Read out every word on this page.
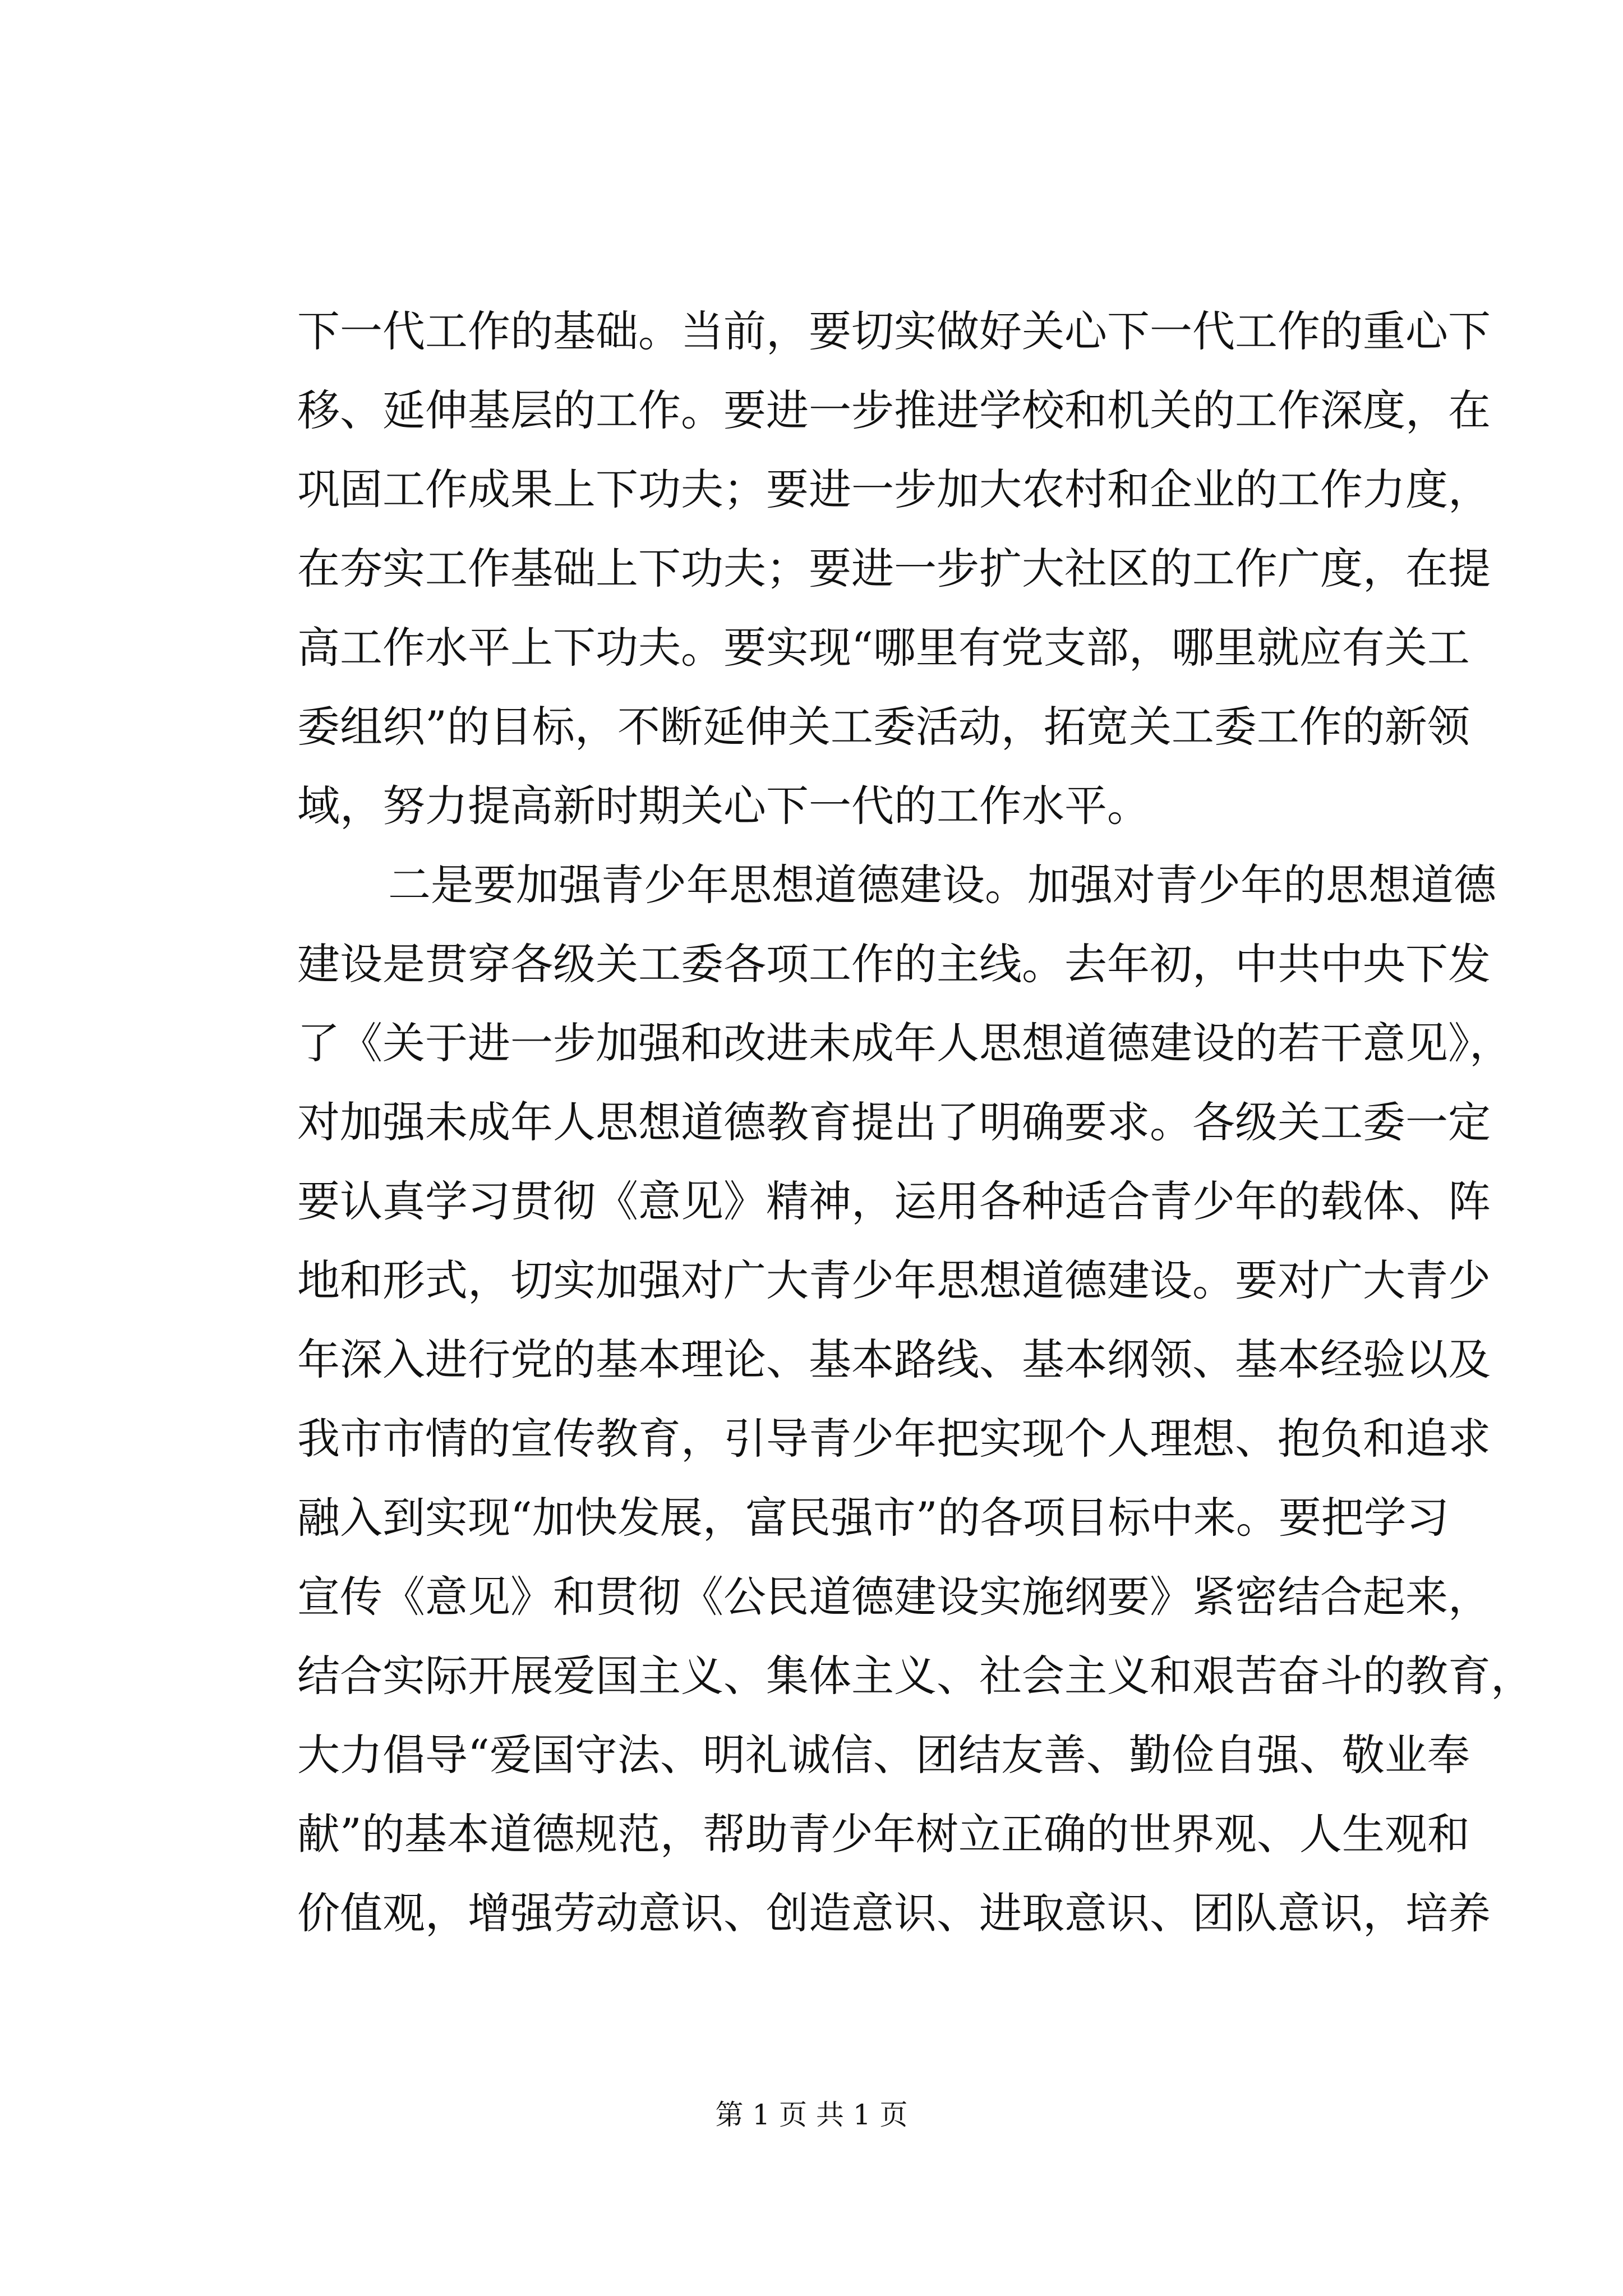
下一代工作的基础。当前，要切实做好关心下一代工作的重心下
移、延伸基层的工作。要进一步推进学校和机关的工作深度，在
巩固工作成果上下功夫；要进一步加大农村和企业的工作力度，
在夯实工作基础上下功夫；要进一步扩大社区的工作广度，在提
高工作水平上下功夫。要实现“哪里有党支部，哪里就应有关工
委组织”的目标，不断延伸关工委活动，拓宽关工委工作的新领
域，努力提高新时期关心下一代的工作水平。
二是要加强青少年思想道德建设。加强对青少年的思想道德
建设是贯穿各级关工委各项工作的主线。去年初，中共中央下发
了《关于进一步加强和改进未成年人思想道德建设的若干意见》，
对加强未成年人思想道德教育提出了明确要求。各级关工委一定
要认真学习贯彻《意见》精神，运用各种适合青少年的载体、阵
地和形式，切实加强对广大青少年思想道德建设。要对广大青少
年深入进行党的基本理论、基本路线、基本纲领、基本经验以及
我市市情的宣传教育，引导青少年把实现个人理想、抱负和追求
融入到实现“加快发展，富民强市”的各项目标中来。要把学习
宣传《意见》和贯彻《公民道德建设实施纲要》紧密结合起来，
结合实际开展爱国主义、集体主义、社会主义和艰苦奋斗的教育，
大力倡导“爱国守法、明礼诚信、团结友善、勤俭自强、敬业奉
献”的基本道德规范，帮助青少年树立正确的世界观、人生观和
价值观，增强劳动意识、创造意识、进取意识、团队意识，培养
第 1 页 共 1 页
